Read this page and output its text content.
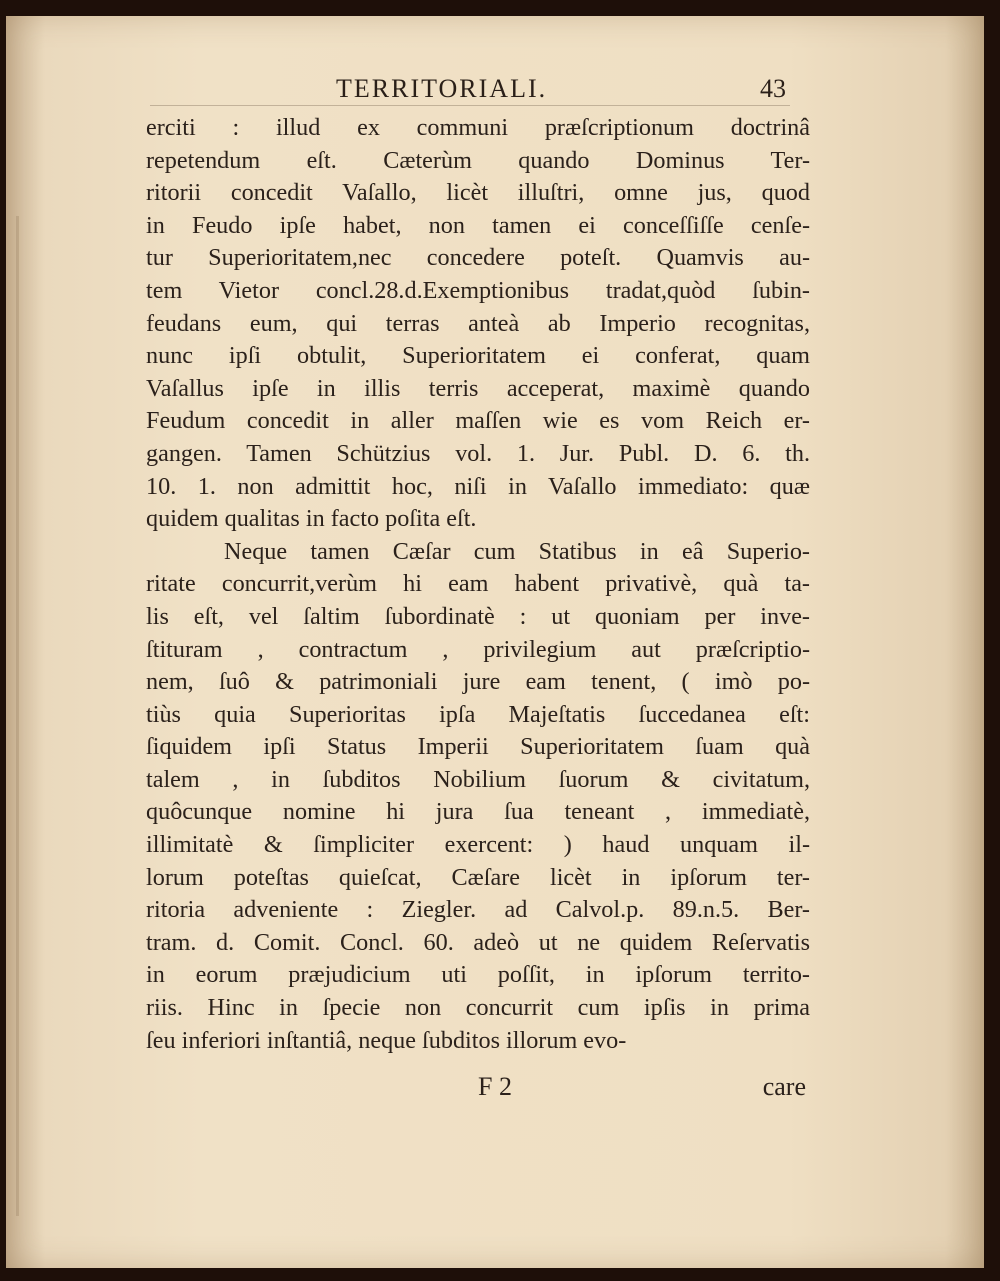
TERRITORIALI.	43
erciti : illud ex communi præſcriptionum doctrinâ
repetendum eſt. Cæterùm quando Dominus Ter-
ritorii concedit Vaſallo, licèt illuſtri, omne jus, quod
in Feudo ipſe habet, non tamen ei conceſſiſſe cenſe-
tur Superioritatem,nec concedere poteſt. Quamvis au-
tem Vietor concl.28.d.Exemptionibus tradat,quòd ſubin-
feudans eum, qui terras anteà ab Imperio recognitas,
nunc ipſi obtulit, Superioritatem ei conferat, quam
Vaſallus ipſe in illis terris acceperat, maximè quando
Feudum concedit in aller maſſen wie es vom Reich er-
gangen. Tamen Schützius vol. 1. Jur. Publ. D. 6. th.
10. 1. non admittit hoc, niſi in Vaſallo immediato: quæ
quidem qualitas in facto poſita eſt.
Neque tamen Cæſar cum Statibus in eâ Superio-
ritate concurrit,verùm hi eam habent privativè, quà ta-
lis eſt, vel ſaltim ſubordinatè : ut quoniam per inve-
ſtituram , contractum , privilegium aut præſcriptio-
nem, ſuô & patrimoniali jure eam tenent, ( imò po-
tiùs quia Superioritas ipſa Majeſtatis ſuccedanea eſt:
ſiquidem ipſi Status Imperii Superioritatem ſuam quà
talem , in ſubditos Nobilium ſuorum & civitatum,
quôcunque nomine hi jura ſua teneant , immediatè,
illimitatè & ſimpliciter exercent: ) haud unquam il-
lorum poteſtas quieſcat, Cæſare licèt in ipſorum ter-
ritoria adveniente : Ziegler. ad Calvol.p. 89.n.5. Ber-
tram. d. Comit. Concl. 60. adeò ut ne quidem Reſervatis
in eorum præjudicium uti poſſit, in ipſorum territo-
riis. Hinc in ſpecie non concurrit cum ipſis in prima
ſeu inferiori inſtantiâ, neque ſubditos illorum evo-
F 2	care
